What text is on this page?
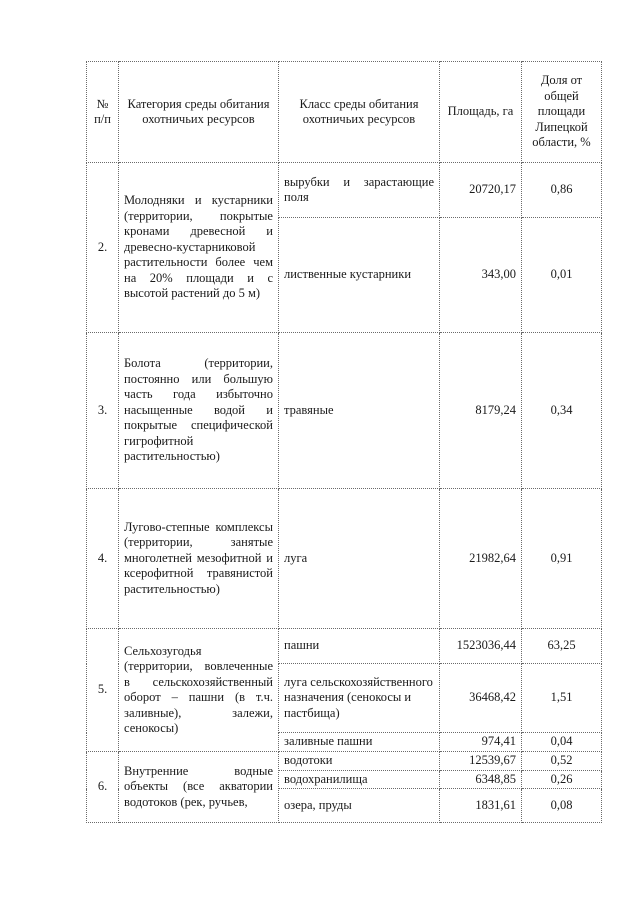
№ п/п	Категория среды обитания охотничьих ресурсов	Класс среды обитания охотничьих ресурсов	Площадь, га	Доля от общей площади Липецкой области, %
2.	Молодняки и кустарники (территории, покрытые кронами древесной и древесно-кустарниковой растительности более чем на 20% площади и с высотой растений до 5 м)	вырубки и зарастающие поля	20720,17	0,86
		лиственные кустарники	343,00	0,01
3.	Болота (территории, постоянно или большую часть года избыточно насыщенные водой и покрытые специфической гигрофитной растительностью)	травяные	8179,24	0,34
4.	Лугово-степные комплексы (территории, занятые многолетней мезофитной и ксерофитной травянистой растительностью)	луга	21982,64	0,91
5.	Сельхозугодья (территории, вовлеченные в сельскохозяйственный оборот – пашни (в т.ч. заливные), залежи, сенокосы)	пашни	1523036,44	63,25
		луга сельскохозяйственного назначения (сенокосы и пастбища)	36468,42	1,51
		заливные пашни	974,41	0,04
6.	Внутренние водные объекты (все акватории водотоков (рек, ручьев,	водотоки	12539,67	0,52
		водохранилища	6348,85	0,26
		озера, пруды	1831,61	0,08
